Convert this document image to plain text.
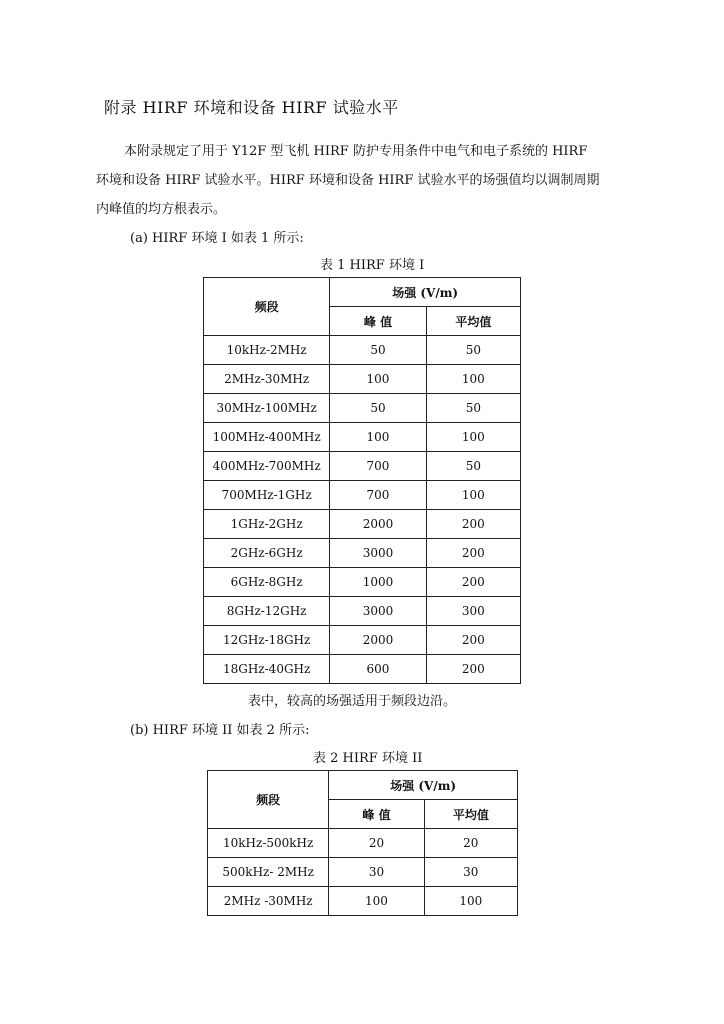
附录 HIRF 环境和设备 HIRF 试验水平
本附录规定了用于 Y12F 型飞机 HIRF 防护专用条件中电气和电子系统的 HIRF
环境和设备 HIRF 试验水平。HIRF 环境和设备 HIRF 试验水平的场强值均以调制周期
内峰值的均方根表示。
(a) HIRF 环境 I 如表 1 所示:
表 1 HIRF 环境 I
频段	场强 (V/m)	
	峰 值	平均值
10kHz-2MHz	50	50
2MHz-30MHz	100	100
30MHz-100MHz	50	50
100MHz-400MHz	100	100
400MHz-700MHz	700	50
700MHz-1GHz	700	100
1GHz-2GHz	2000	200
2GHz-6GHz	3000	200
6GHz-8GHz	1000	200
8GHz-12GHz	3000	300
12GHz-18GHz	2000	200
18GHz-40GHz	600	200
表中，较高的场强适用于频段边沿。
(b) HIRF 环境 II 如表 2 所示:
表 2 HIRF 环境 II
频段	场强 (V/m)	
	峰 值	平均值
10kHz-500kHz	20	20
500kHz- 2MHz	30	30
2MHz -30MHz	100	100
